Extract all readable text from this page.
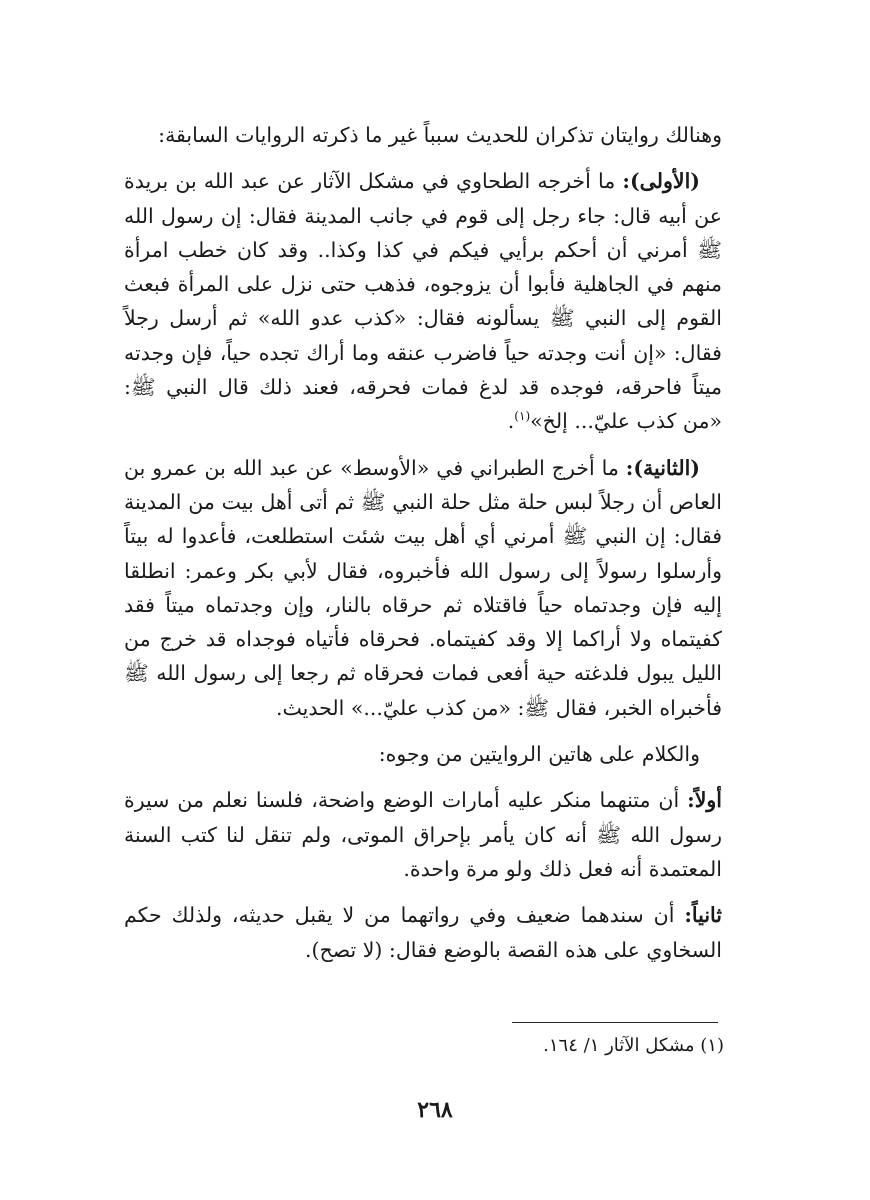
وهنالك روايتان تذكران للحديث سبباً غير ما ذكرته الروايات السابقة:

(الأولى): ما أخرجه الطحاوي في مشكل الآثار عن عبد الله بن بريدة عن أبيه قال: جاء رجل إلى قوم في جانب المدينة فقال: إن رسول الله ﷺ أمرني أن أحكم برأيي فيكم في كذا وكذا.. وقد كان خطب امرأة منهم في الجاهلية فأبوا أن يزوجوه، فذهب حتى نزل على المرأة فبعث القوم إلى النبي ﷺ يسألونه فقال: «كذب عدو الله» ثم أرسل رجلاً فقال: «إن أنت وجدته حياً فاضرب عنقه وما أراك تجده حياً، فإن وجدته ميتاً فاحرقه، فوجده قد لدغ فمات فحرقه، فعند ذلك قال النبي ﷺ: «من كذب عليّ... إلخ»$^{(١)}$.

(الثانية): ما أخرج الطبراني في «الأوسط» عن عبد الله بن عمرو بن العاص أن رجلاً لبس حلة مثل حلة النبي ﷺ ثم أتى أهل بيت من المدينة فقال: إن النبي ﷺ أمرني أي أهل بيت شئت استطلعت، فأعدوا له بيتاً وأرسلوا رسولاً إلى رسول الله فأخبروه، فقال لأبي بكر وعمر: انطلقا إليه فإن وجدتماه حياً فاقتلاه ثم حرقاه بالنار، وإن وجدتماه ميتاً فقد كفيتماه ولا أراكما إلا وقد كفيتماه. فحرقاه فأتياه فوجداه قد خرج من الليل يبول فلدغته حية أفعى فمات فحرقاه ثم رجعا إلى رسول الله ﷺ فأخبراه الخبر، فقال ﷺ: «من كذب عليّ...» الحديث.

والكلام على هاتين الروايتين من وجوه:

أولاً: أن متنهما منكر عليه أمارات الوضع واضحة، فلسنا نعلم من سيرة رسول الله ﷺ أنه كان يأمر بإحراق الموتى، ولم تنقل لنا كتب السنة المعتمدة أنه فعل ذلك ولو مرة واحدة.

ثانياً: أن سندهما ضعيف وفي رواتهما من لا يقبل حديثه، ولذلك حكم السخاوي على هذه القصة بالوضع فقال: (لا تصح).

(١) مشكل الآثار ١/ ١٦٤.
٢٦٨
